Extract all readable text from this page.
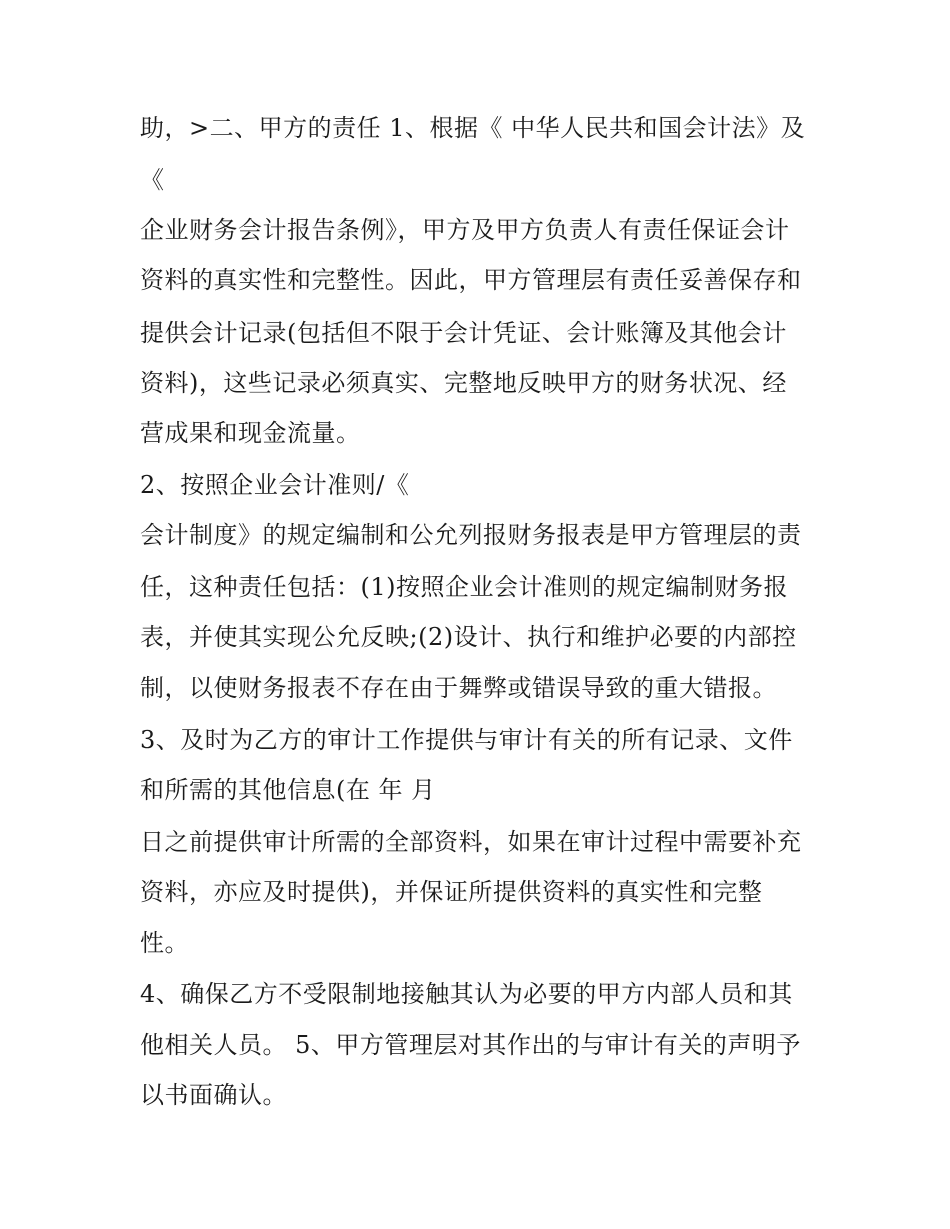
助，>二、甲方的责任 1、根据《 中华人民共和国会计法》及
《
企业财务会计报告条例》，甲方及甲方负责人有责任保证会计
资料的真实性和完整性。因此，甲方管理层有责任妥善保存和
提供会计记录(包括但不限于会计凭证、会计账簿及其他会计
资料)，这些记录必须真实、完整地反映甲方的财务状况、经
营成果和现金流量。
2、按照企业会计准则/《
会计制度》的规定编制和公允列报财务报表是甲方管理层的责
任，这种责任包括：(1)按照企业会计准则的规定编制财务报
表，并使其实现公允反映;(2)设计、执行和维护必要的内部控
制，以使财务报表不存在由于舞弊或错误导致的重大错报。
3、及时为乙方的审计工作提供与审计有关的所有记录、文件
和所需的其他信息(在 年 月
日之前提供审计所需的全部资料，如果在审计过程中需要补充
资料，亦应及时提供)，并保证所提供资料的真实性和完整
性。
4、确保乙方不受限制地接触其认为必要的甲方内部人员和其
他相关人员。 5、甲方管理层对其作出的与审计有关的声明予
以书面确认。
